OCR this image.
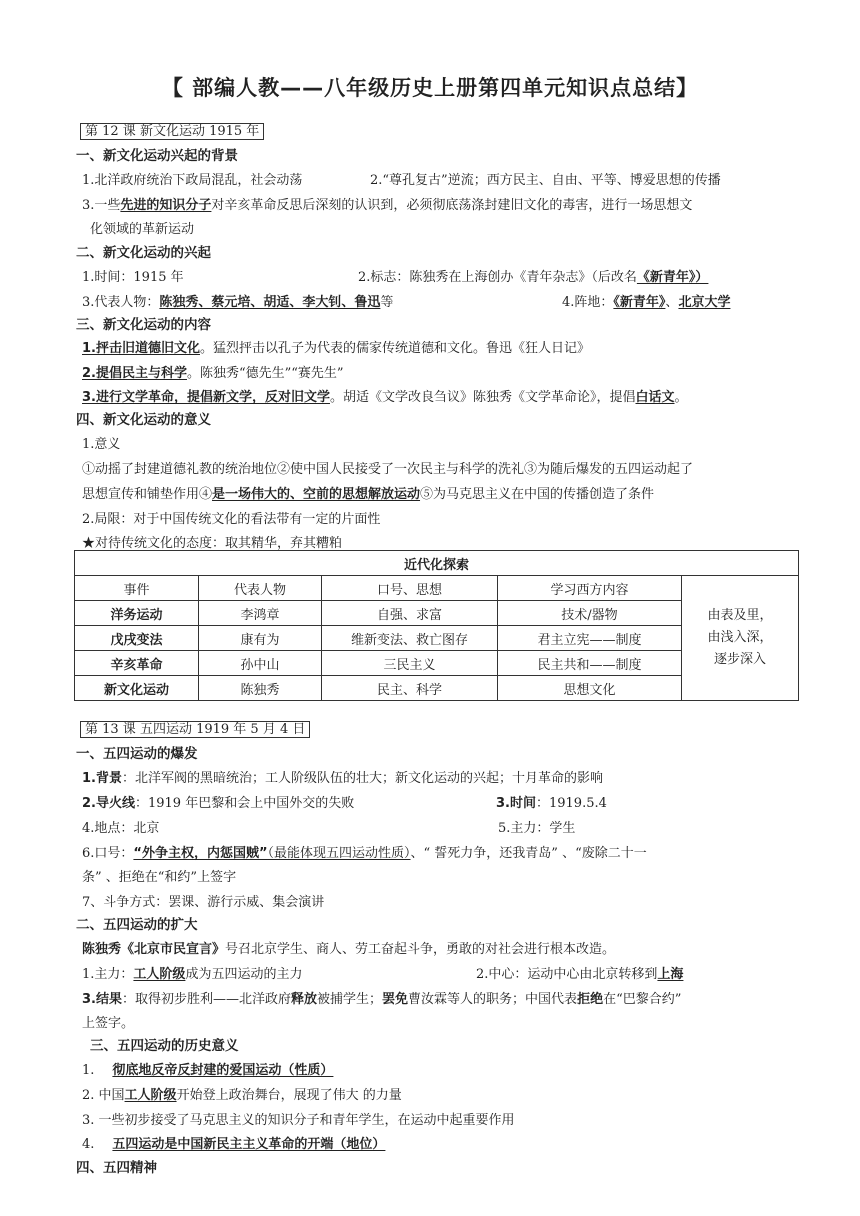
【 部编人教——八年级历史上册第四单元知识点总结】
第 12 课 新文化运动 1915 年
一、新文化运动兴起的背景
1.北洋政府统治下政局混乱，社会动荡	2.“尊孔复古”逆流；西方民主、自由、平等、博爱思想的传播
3.一些先进的知识分子对辛亥革命反思后深刻的认识到，必须彻底荡涤封建旧文化的毒害，进行一场思想文
化领域的革新运动
二、新文化运动的兴起
1.时间：1915 年	2.标志：陈独秀在上海创办《青年杂志》（后改名《新青年》）
3.代表人物：陈独秀、蔡元培、胡适、李大钊、鲁迅等	4.阵地：《新青年》、北京大学
三、新文化运动的内容
1.抨击旧道德旧文化。猛烈抨击以孔子为代表的儒家传统道德和文化。鲁迅《狂人日记》
2.提倡民主与科学。陈独秀“德先生”“赛先生”
3.进行文学革命，提倡新文学，反对旧文学。胡适《文学改良刍议》陈独秀《文学革命论》，提倡白话文。
四、新文化运动的意义
1.意义
①动摇了封建道德礼教的统治地位②使中国人民接受了一次民主与科学的洗礼③为随后爆发的五四运动起了
思想宣传和铺垫作用④是一场伟大的、空前的思想解放运动⑤为马克思主义在中国的传播创造了条件
2.局限：对于中国传统文化的看法带有一定的片面性
★对待传统文化的态度：取其精华，弃其糟粕
近代化探索				
事件	代表人物	口号、思想	学习西方内容	由表及里，
由浅入深，
逐步深入

洋务运动	李鸿章	自强、求富	技术/器物	
戊戌变法	康有为	维新变法、救亡图存	君主立宪——制度	
辛亥革命	孙中山	三民主义	民主共和——制度	
新文化运动	陈独秀	民主、科学	思想文化	
第 13 课 五四运动 1919 年 5 月 4 日
一、五四运动的爆发
1.背景：北洋军阀的黑暗统治；工人阶级队伍的壮大；新文化运动的兴起；十月革命的影响
2.导火线：1919 年巴黎和会上中国外交的失败	3.时间：1919.5.4
4.地点：北京	5.主力：学生
6.口号：“外争主权，内惩国贼”（最能体现五四运动性质）、“ 誓死力争，还我青岛” 、“废除二十一
条” 、拒绝在“和约”上签字
7、斗争方式：罢课、游行示威、集会演讲
二、五四运动的扩大
陈独秀《北京市民宣言》号召北京学生、商人、劳工奋起斗争，勇敢的对社会进行根本改造。
1.主力：工人阶级成为五四运动的主力	2.中心：运动中心由北京转移到上海
3.结果：取得初步胜利——北洋政府释放被捕学生；罢免曹汝霖等人的职务；中国代表拒绝在“巴黎合约”
上签字。
三、五四运动的历史意义
1. 彻底地反帝反封建的爱国运动（性质）
2. 中国工人阶级开始登上政治舞台，展现了伟大 的力量
3. 一些初步接受了马克思主义的知识分子和青年学生，在运动中起重要作用
4. 五四运动是中国新民主主义革命的开端（地位）
四、五四精神
